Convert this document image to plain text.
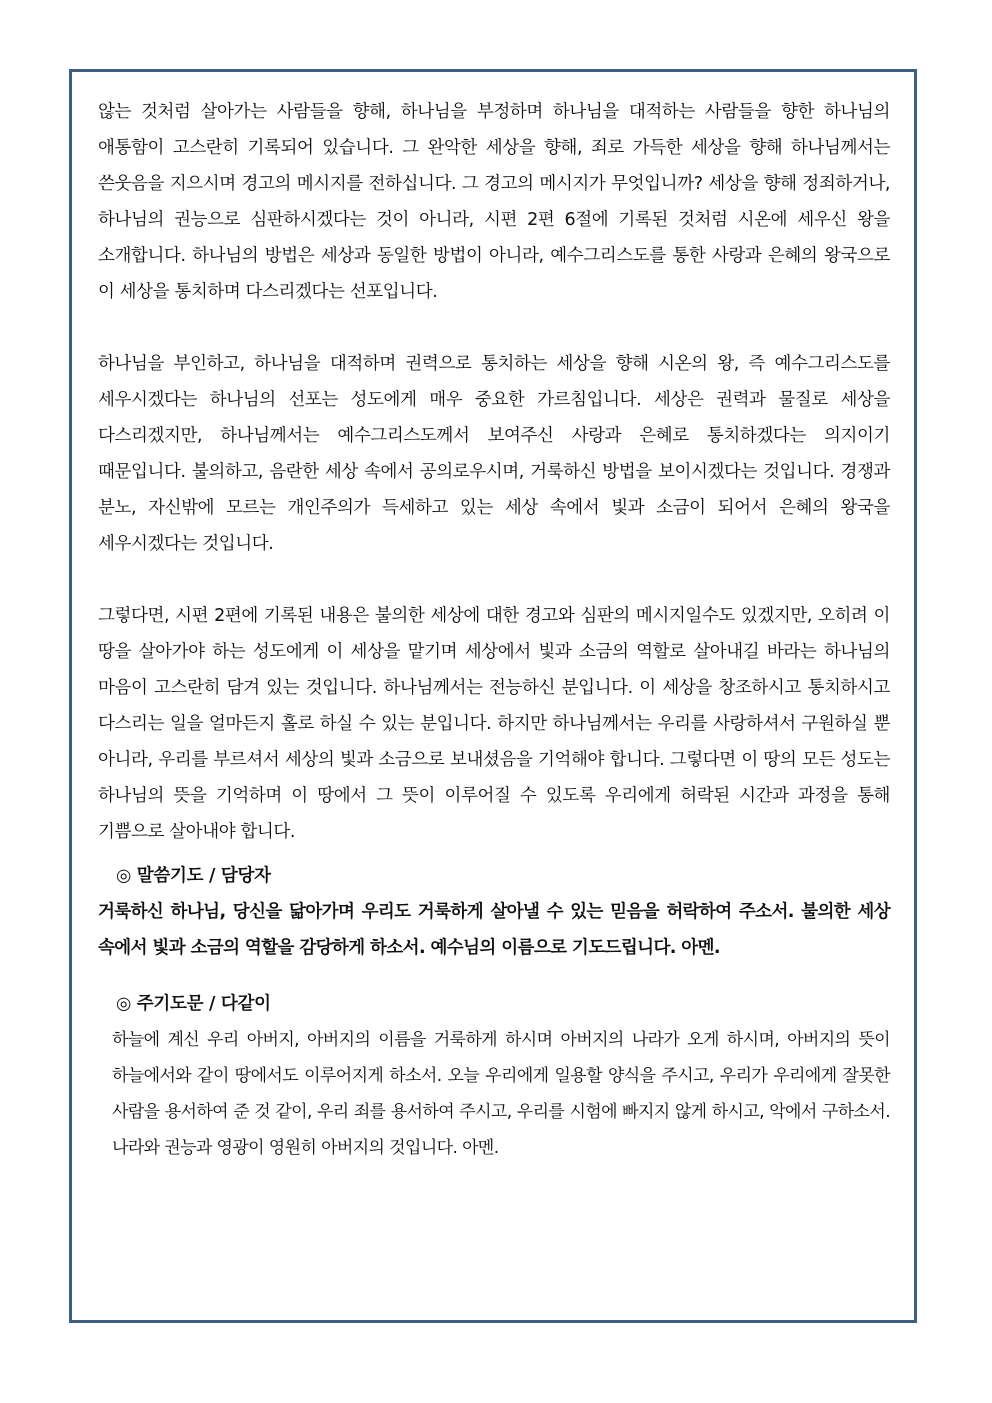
않는 것처럼 살아가는 사람들을 향해, 하나님을 부정하며 하나님을 대적하는 사람들을 향한 하나님의 애통함이 고스란히 기록되어 있습니다. 그 완악한 세상을 향해, 죄로 가득한 세상을 향해 하나님께서는 쓴웃음을 지으시며 경고의 메시지를 전하십니다. 그 경고의 메시지가 무엇입니까? 세상을 향해 정죄하거나, 하나님의 권능으로 심판하시겠다는 것이 아니라, 시편 2편 6절에 기록된 것처럼 시온에 세우신 왕을 소개합니다. 하나님의 방법은 세상과 동일한 방법이 아니라, 예수그리스도를 통한 사랑과 은혜의 왕국으로 이 세상을 통치하며 다스리겠다는 선포입니다.

하나님을 부인하고, 하나님을 대적하며 권력으로 통치하는 세상을 향해 시온의 왕, 즉 예수그리스도를 세우시겠다는 하나님의 선포는 성도에게 매우 중요한 가르침입니다. 세상은 권력과 물질로 세상을 다스리겠지만, 하나님께서는 예수그리스도께서 보여주신 사랑과 은혜로 통치하겠다는 의지이기 때문입니다. 불의하고, 음란한 세상 속에서 공의로우시며, 거룩하신 방법을 보이시겠다는 것입니다. 경쟁과 분노, 자신밖에 모르는 개인주의가 득세하고 있는 세상 속에서 빛과 소금이 되어서 은혜의 왕국을 세우시겠다는 것입니다.

그렇다면, 시편 2편에 기록된 내용은 불의한 세상에 대한 경고와 심판의 메시지일수도 있겠지만, 오히려 이 땅을 살아가야 하는 성도에게 이 세상을 맡기며 세상에서 빛과 소금의 역할로 살아내길 바라는 하나님의 마음이 고스란히 담겨 있는 것입니다. 하나님께서는 전능하신 분입니다. 이 세상을 창조하시고 통치하시고 다스리는 일을 얼마든지 홀로 하실 수 있는 분입니다. 하지만 하나님께서는 우리를 사랑하셔서 구원하실 뿐 아니라, 우리를 부르셔서 세상의 빛과 소금으로 보내셨음을 기억해야 합니다. 그렇다면 이 땅의 모든 성도는 하나님의 뜻을 기억하며 이 땅에서 그 뜻이 이루어질 수 있도록 우리에게 허락된 시간과 과정을 통해 기쁨으로 살아내야 합니다.

◎ 말씀기도 / 담당자

거룩하신 하나님, 당신을 닮아가며 우리도 거룩하게 살아낼 수 있는 믿음을 허락하여 주소서. 불의한 세상 속에서 빛과 소금의 역할을 감당하게 하소서. 예수님의 이름으로 기도드립니다. 아멘.

◎ 주기도문 / 다같이

하늘에 계신 우리 아버지, 아버지의 이름을 거룩하게 하시며 아버지의 나라가 오게 하시며, 아버지의 뜻이 하늘에서와 같이 땅에서도 이루어지게 하소서. 오늘 우리에게 일용할 양식을 주시고, 우리가 우리에게 잘못한 사람을 용서하여 준 것 같이, 우리 죄를 용서하여 주시고, 우리를 시험에 빠지지 않게 하시고, 악에서 구하소서. 나라와 권능과 영광이 영원히 아버지의 것입니다. 아멘.
